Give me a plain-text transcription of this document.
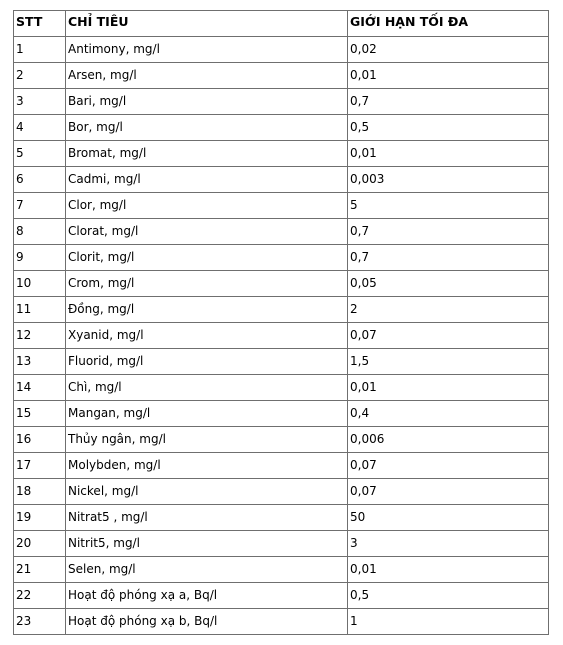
STT	CHỈ TIÊU	GIỚI HẠN TỐI ĐA
1	Antimony, mg/l	0,02
2	Arsen, mg/l	0,01
3	Bari, mg/l	0,7
4	Bor, mg/l	0,5
5	Bromat, mg/l	0,01
6	Cadmi, mg/l	0,003
7	Clor, mg/l	5
8	Clorat, mg/l	0,7
9	Clorit, mg/l	0,7
10	Crom, mg/l	0,05
11	Đồng, mg/l	2
12	Xyanid, mg/l	0,07
13	Fluorid, mg/l	1,5
14	Chì, mg/l	0,01
15	Mangan, mg/l	0,4
16	Thủy ngân, mg/l	0,006
17	Molybden, mg/l	0,07
18	Nickel, mg/l	0,07
19	Nitrat5 , mg/l	50
20	Nitrit5, mg/l	3
21	Selen, mg/l	0,01
22	Hoạt độ phóng xạ a, Bq/l	0,5
23	Hoạt độ phóng xạ b, Bq/l	1
